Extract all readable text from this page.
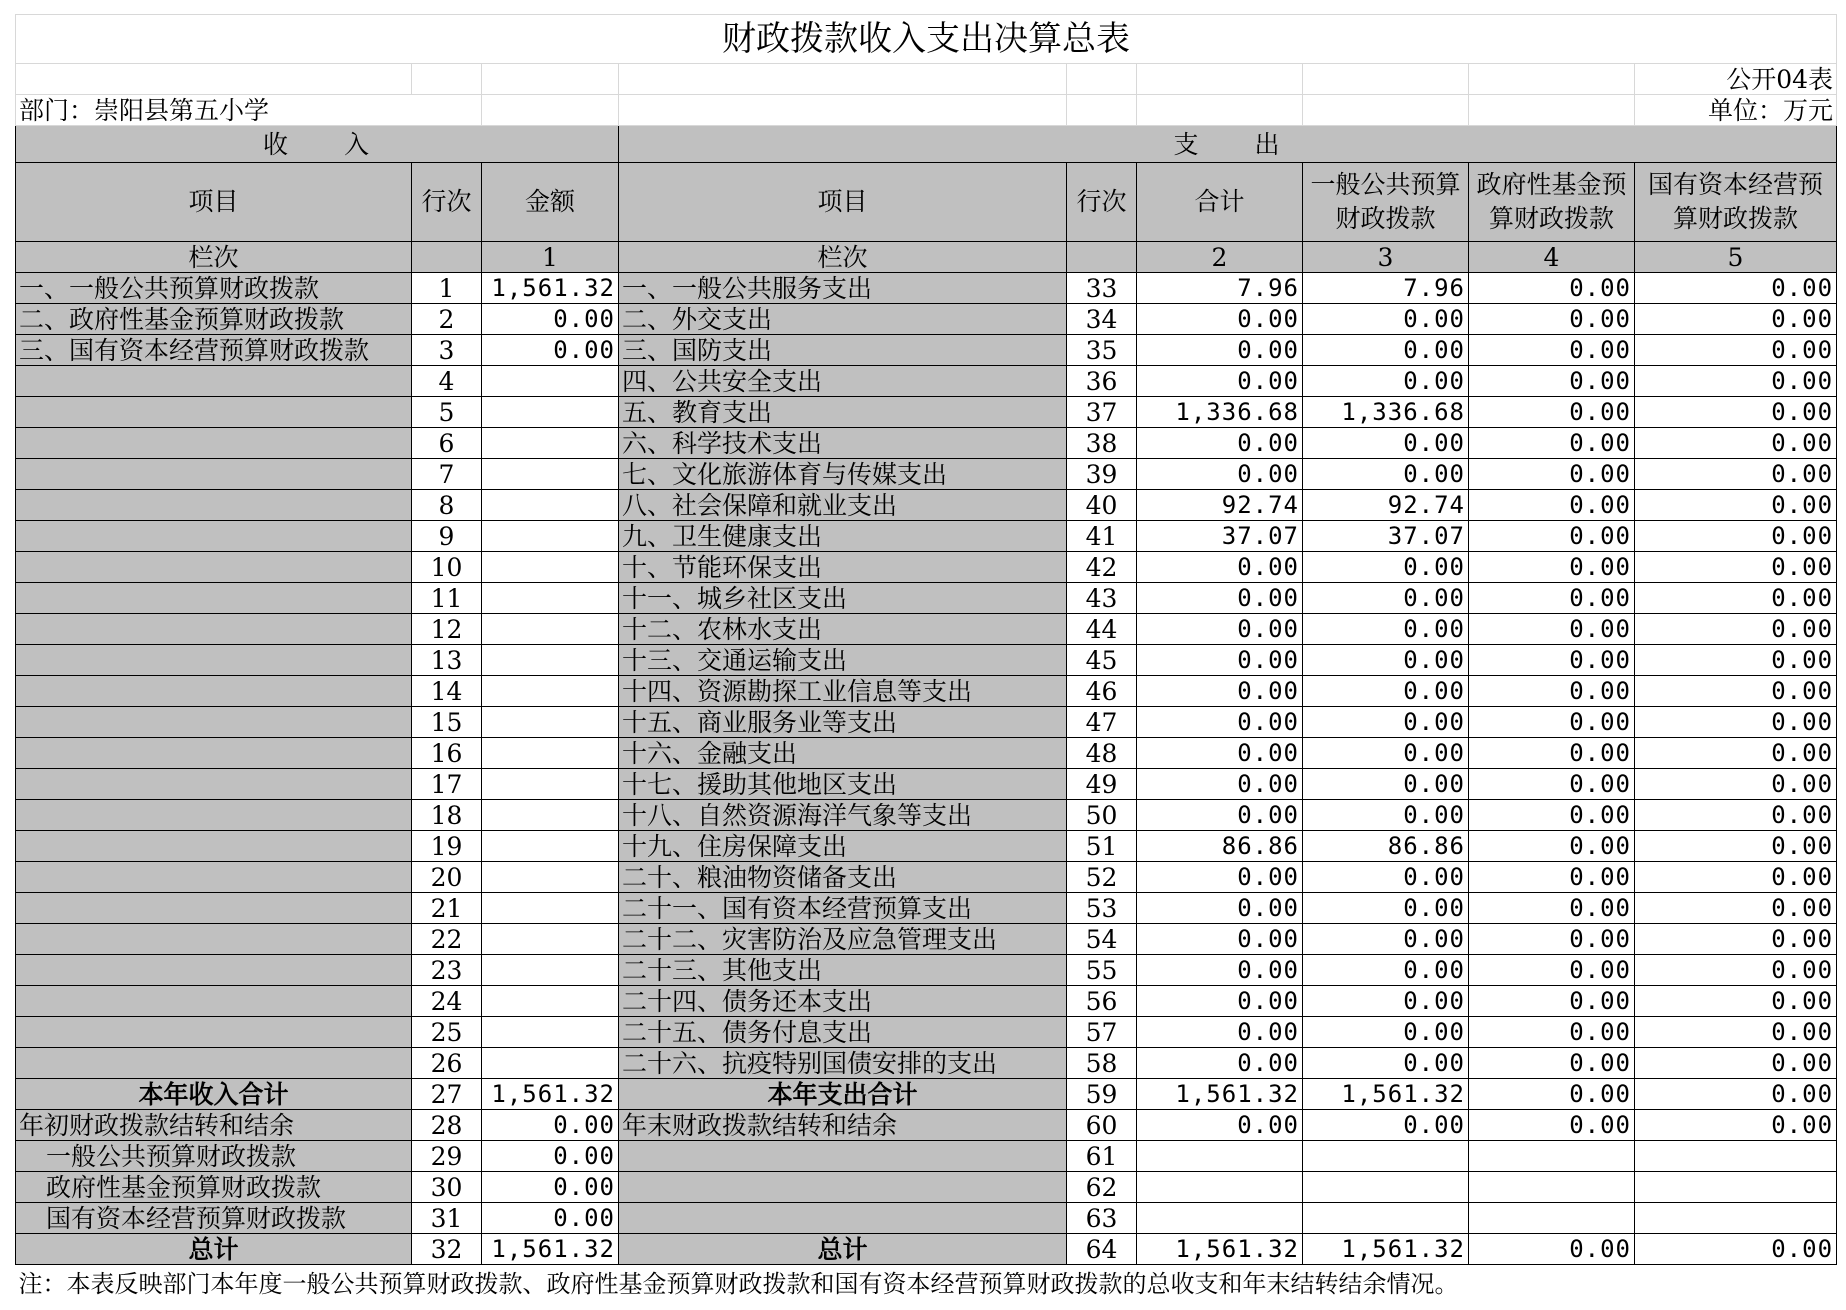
财政拨款收入支出决算总表								
								公开04表
部门：崇阳县第五小学								单位：万元
收　　入			支　　出					
项目	行次	金额	项目	行次	合计	一般公共预算财政拨款	政府性基金预算财政拨款	国有资本经营预算财政拨款
栏次		1	栏次		2	3	4	5
一、一般公共预算财政拨款	1	1,561.32	一、一般公共服务支出	33	7.96	7.96	0.00	0.00
二、政府性基金预算财政拨款	2	0.00	二、外交支出	34	0.00	0.00	0.00	0.00
三、国有资本经营预算财政拨款	3	0.00	三、国防支出	35	0.00	0.00	0.00	0.00
	4		四、公共安全支出	36	0.00	0.00	0.00	0.00
	5		五、教育支出	37	1,336.68	1,336.68	0.00	0.00
	6		六、科学技术支出	38	0.00	0.00	0.00	0.00
	7		七、文化旅游体育与传媒支出	39	0.00	0.00	0.00	0.00
	8		八、社会保障和就业支出	40	92.74	92.74	0.00	0.00
	9		九、卫生健康支出	41	37.07	37.07	0.00	0.00
	10		十、节能环保支出	42	0.00	0.00	0.00	0.00
	11		十一、城乡社区支出	43	0.00	0.00	0.00	0.00
	12		十二、农林水支出	44	0.00	0.00	0.00	0.00
	13		十三、交通运输支出	45	0.00	0.00	0.00	0.00
	14		十四、资源勘探工业信息等支出	46	0.00	0.00	0.00	0.00
	15		十五、商业服务业等支出	47	0.00	0.00	0.00	0.00
	16		十六、金融支出	48	0.00	0.00	0.00	0.00
	17		十七、援助其他地区支出	49	0.00	0.00	0.00	0.00
	18		十八、自然资源海洋气象等支出	50	0.00	0.00	0.00	0.00
	19		十九、住房保障支出	51	86.86	86.86	0.00	0.00
	20		二十、粮油物资储备支出	52	0.00	0.00	0.00	0.00
	21		二十一、国有资本经营预算支出	53	0.00	0.00	0.00	0.00
	22		二十二、灾害防治及应急管理支出	54	0.00	0.00	0.00	0.00
	23		二十三、其他支出	55	0.00	0.00	0.00	0.00
	24		二十四、债务还本支出	56	0.00	0.00	0.00	0.00
	25		二十五、债务付息支出	57	0.00	0.00	0.00	0.00
	26		二十六、抗疫特别国债安排的支出	58	0.00	0.00	0.00	0.00
本年收入合计	27	1,561.32	本年支出合计	59	1,561.32	1,561.32	0.00	0.00
年初财政拨款结转和结余	28	0.00	年末财政拨款结转和结余	60	0.00	0.00	0.00	0.00
一般公共预算财政拨款	29	0.00		61				
政府性基金预算财政拨款	30	0.00		62				
国有资本经营预算财政拨款	31	0.00		63				
总计	32	1,561.32	总计	64	1,561.32	1,561.32	0.00	0.00
注：本表反映部门本年度一般公共预算财政拨款、政府性基金预算财政拨款和国有资本经营预算财政拨款的总收支和年末结转结余情况。								
